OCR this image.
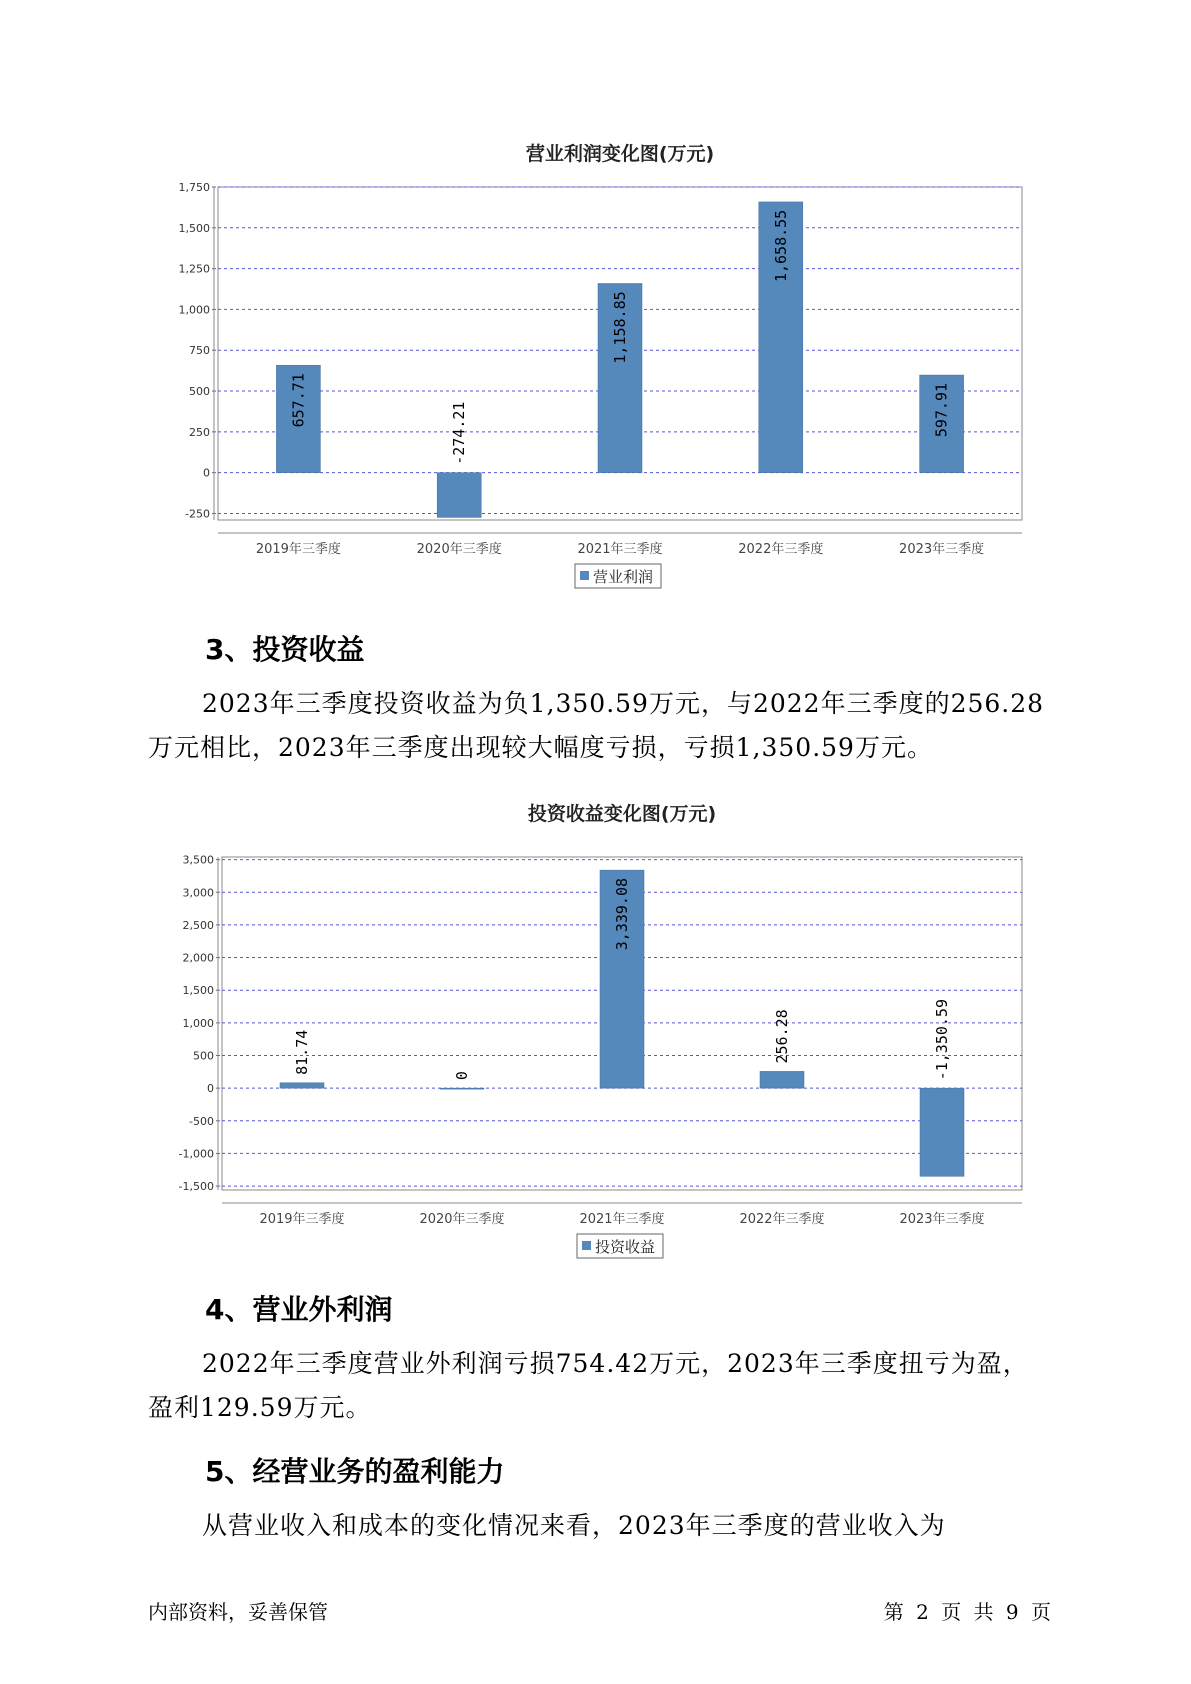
营业利润变化图(万元)
1,750
1,500
1,250
1,000
750
500
250
0
-250
657.71
2019年三季度
-274.21
2020年三季度
1,158.85
2021年三季度
1,658.55
2022年三季度
597.91
2023年三季度
营业利润
3、投资收益
2023年三季度投资收益为负1,350.59万元，与2022年三季度的256.28
万元相比，2023年三季度出现较大幅度亏损，亏损1,350.59万元。
投资收益变化图(万元)
3,500
3,000
2,500
2,000
1,500
1,000
500
0
-500
-1,000
-1,500
81.74
2019年三季度
0
2020年三季度
3,339.08
2021年三季度
256.28
2022年三季度
-1,350.59
2023年三季度
投资收益
4、营业外利润
2022年三季度营业外利润亏损754.42万元，2023年三季度扭亏为盈，
盈利129.59万元。
5、经营业务的盈利能力
从营业收入和成本的变化情况来看，2023年三季度的营业收入为
内部资料，妥善保管	第 2 页 共 9 页
